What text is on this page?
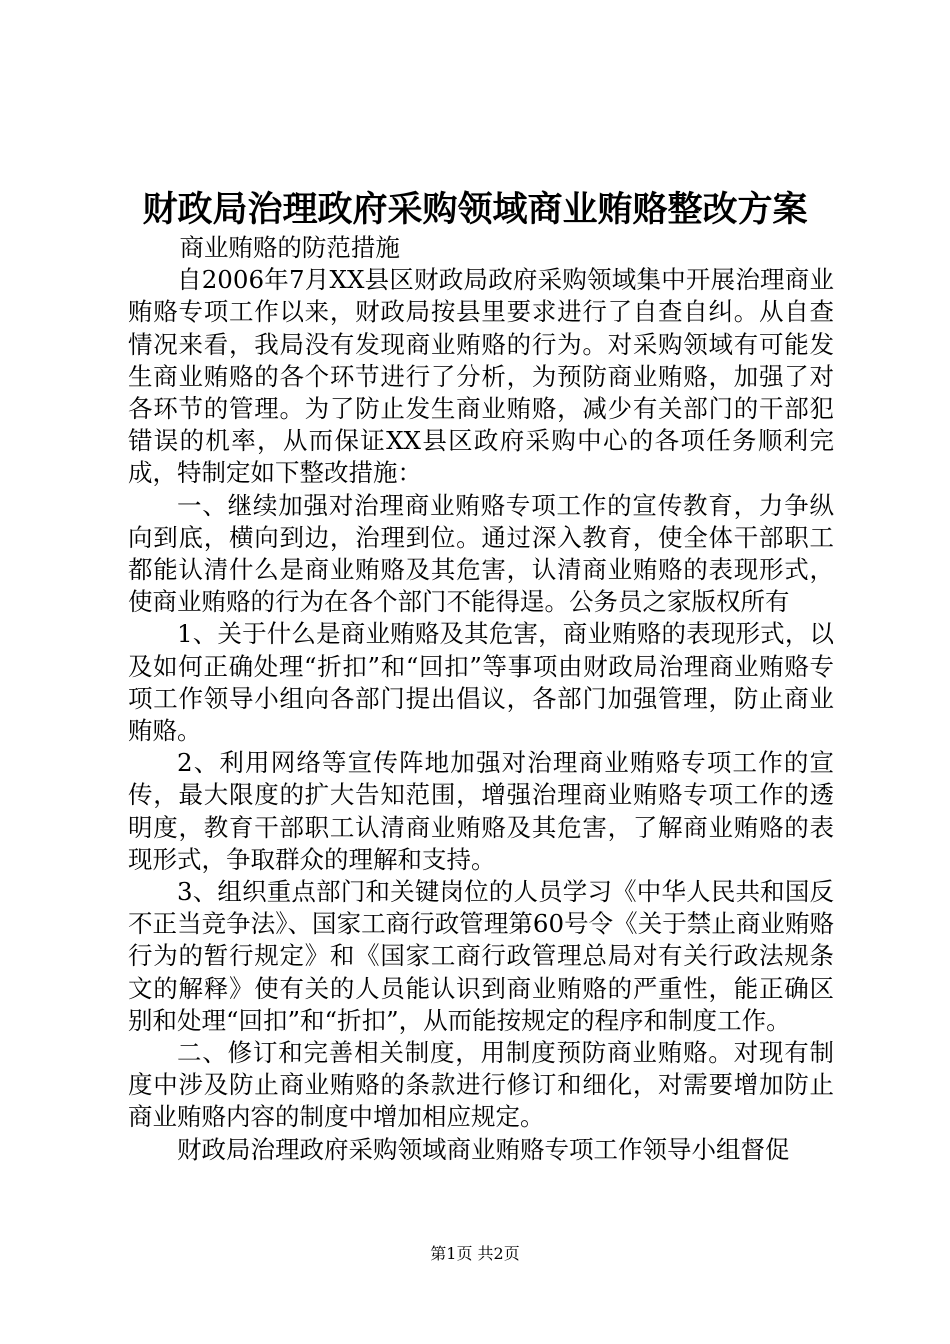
财政局治理政府采购领域商业贿赂整改方案

商业贿赂的防范措施

自2006年7月XX县区财政局政府采购领域集中开展治理商业贿赂专项工作以来，财政局按县里要求进行了自查自纠。从自查情况来看，我局没有发现商业贿赂的行为。对采购领域有可能发生商业贿赂的各个环节进行了分析，为预防商业贿赂，加强了对各环节的管理。为了防止发生商业贿赂，减少有关部门的干部犯错误的机率，从而保证XX县区政府采购中心的各项任务顺利完成，特制定如下整改措施：

一、继续加强对治理商业贿赂专项工作的宣传教育，力争纵向到底，横向到边，治理到位。通过深入教育，使全体干部职工都能认清什么是商业贿赂及其危害，认清商业贿赂的表现形式，使商业贿赂的行为在各个部门不能得逞。公务员之家版权所有

1、关于什么是商业贿赂及其危害，商业贿赂的表现形式，以及如何正确处理“折扣”和“回扣”等事项由财政局治理商业贿赂专项工作领导小组向各部门提出倡议，各部门加强管理，防止商业贿赂。

2、利用网络等宣传阵地加强对治理商业贿赂专项工作的宣传，最大限度的扩大告知范围，增强治理商业贿赂专项工作的透明度，教育干部职工认清商业贿赂及其危害，了解商业贿赂的表现形式，争取群众的理解和支持。

3、组织重点部门和关键岗位的人员学习《中华人民共和国反不正当竞争法》、国家工商行政管理第60号令《关于禁止商业贿赂行为的暂行规定》和《国家工商行政管理总局对有关行政法规条文的解释》使有关的人员能认识到商业贿赂的严重性，能正确区别和处理“回扣”和“折扣”，从而能按规定的程序和制度工作。

二、修订和完善相关制度，用制度预防商业贿赂。对现有制度中涉及防止商业贿赂的条款进行修订和细化，对需要增加防止商业贿赂内容的制度中增加相应规定。

财政局治理政府采购领域商业贿赂专项工作领导小组督促

第1页 共2页
